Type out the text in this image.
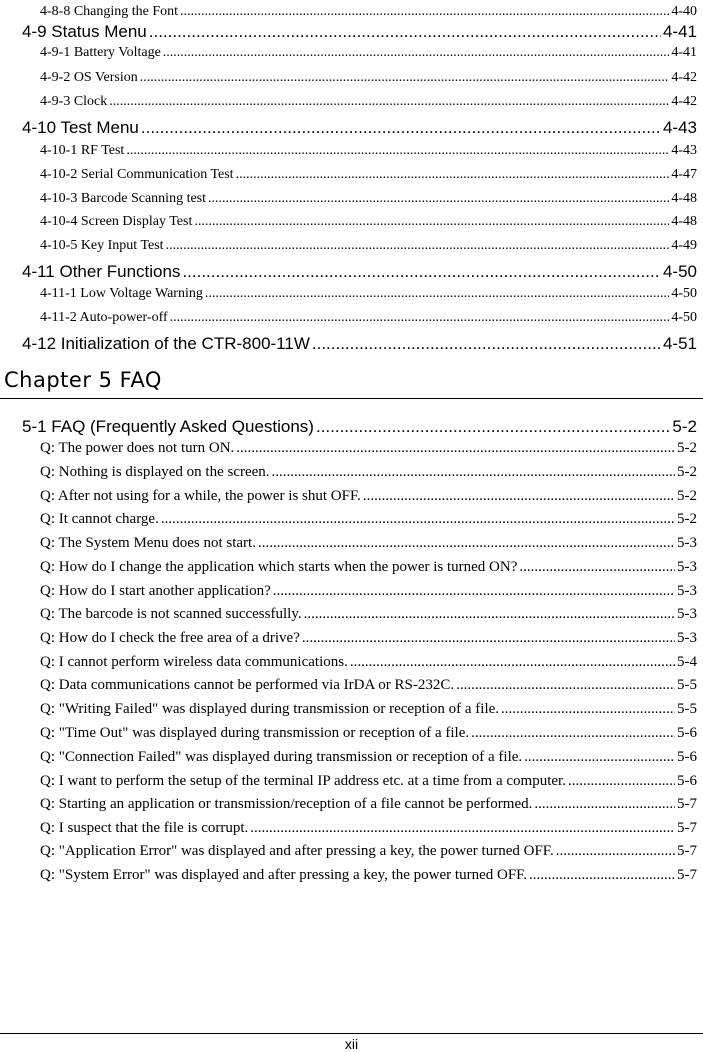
4-8-8 Changing the Font .....	4-40
4-9 Status Menu .....	4-41
4-9-1 Battery Voltage .....	4-41
4-9-2 OS Version .....	4-42
4-9-3 Clock .....	4-42
4-10 Test Menu .....	4-43
4-10-1 RF Test .....	4-43
4-10-2 Serial Communication Test .....	4-47
4-10-3 Barcode Scanning test .....	4-48
4-10-4 Screen Display Test .....	4-48
4-10-5 Key Input Test .....	4-49
4-11 Other Functions .....	4-50
4-11-1 Low Voltage Warning .....	4-50
4-11-2 Auto-power-off .....	4-50
4-12 Initialization of the CTR-800-11W .....	4-51
Chapter 5 FAQ
5-1 FAQ (Frequently Asked Questions) .....	5-2
Q: The power does not turn ON. .....	5-2
Q: Nothing is displayed on the screen. .....	5-2
Q: After not using for a while, the power is shut OFF. .....	5-2
Q: It cannot charge. .....	5-2
Q: The System Menu does not start. .....	5-3
Q: How do I change the application which starts when the power is turned ON? .....	5-3
Q: How do I start another application? .....	5-3
Q: The barcode is not scanned successfully. .....	5-3
Q: How do I check the free area of a drive? .....	5-3
Q: I cannot perform wireless data communications. .....	5-4
Q: Data communications cannot be performed via IrDA or RS-232C. .....	5-5
Q: "Writing Failed" was displayed during transmission or reception of a file. .....	5-5
Q: "Time Out" was displayed during transmission or reception of a file. .....	5-6
Q: "Connection Failed" was displayed during transmission or reception of a file. .....	5-6
Q: I want to perform the setup of the terminal IP address etc. at a time from a computer. .....	5-6
Q: Starting an application or transmission/reception of a file cannot be performed. .....	5-7
Q: I suspect that the file is corrupt. .....	5-7
Q: "Application Error" was displayed and after pressing a key, the power turned OFF. .....	5-7
Q: "System Error" was displayed and after pressing a key, the power turned OFF. .....	5-7
xii
